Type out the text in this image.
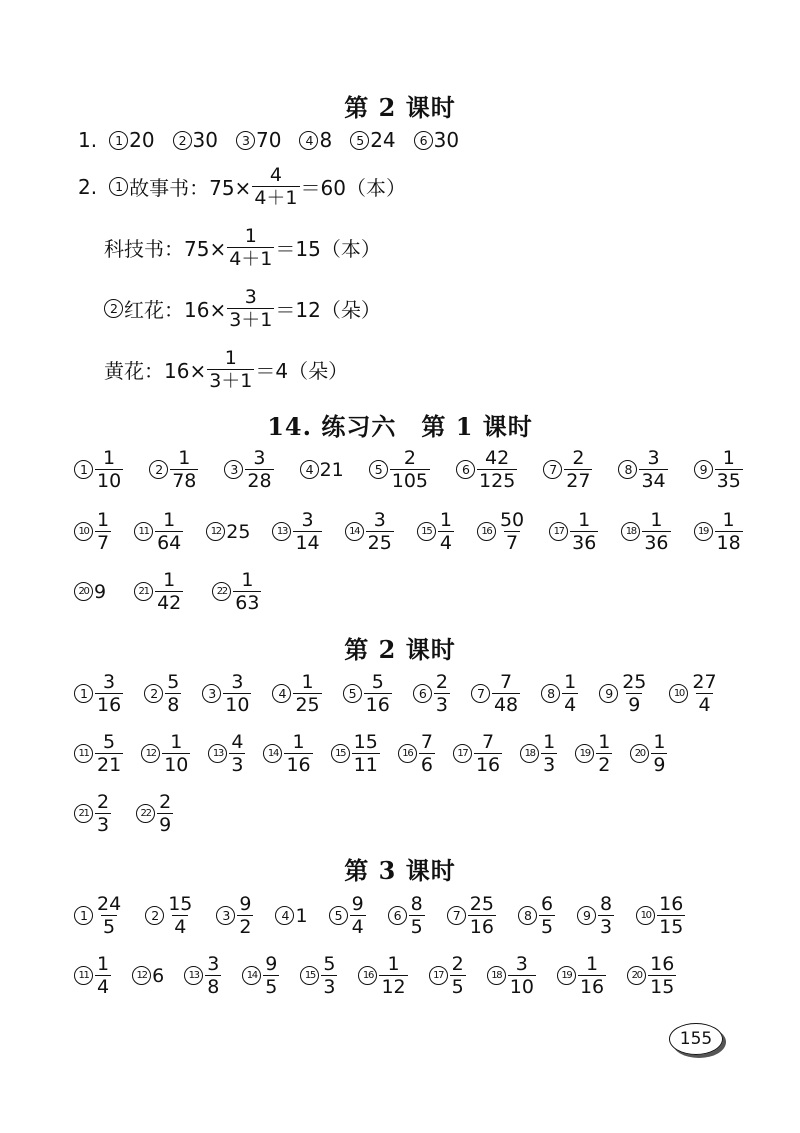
第 2 课时
1.	1 20	2 30	3 70	4 8	5 24	6 30
2.	1 故事书：$75\times \frac{4}{4+1} =60$（本）
科技书：$75\times \frac{1}{4+1} =15$（本）
2 红花：$16\times \frac{3}{3+1} =12$（朵）
黄花：$16\times \frac{1}{3+1} =4$（朵）
14. 练习六　第 1 课时
$1 \frac{1}{10}$	$2 \frac{1}{78}$	$3 \frac{3}{28}$	4 21	$5 \frac{2}{105}$	$6 \frac{42}{125}$	$7 \frac{2}{27}$	$8 \frac{3}{34}$	$9 \frac{1}{35}$
$10 \frac{1}{7}$	$11 \frac{1}{64}$	12 25	$13 \frac{3}{14}$	$14 \frac{3}{25}$	$15 \frac{1}{4}$	$16 \frac{50}{7}$	$17 \frac{1}{36}$	$18 \frac{1}{36}$	$19 \frac{1}{18}$
20 9	$21 \frac{1}{42}$	$22 \frac{1}{63}$
第 2 课时
$1 \frac{3}{16}$	$2 \frac{5}{8}$	$3 \frac{3}{10}$	$4 \frac{1}{25}$	$5 \frac{5}{16}$	$6 \frac{2}{3}$	$7 \frac{7}{48}$	$8 \frac{1}{4}$	$9 \frac{25}{9}$	$10 \frac{27}{4}$
$11 \frac{5}{21}$	$12 \frac{1}{10}$	$13 \frac{4}{3}$	$14 \frac{1}{16}$	$15 \frac{15}{11}$	$16 \frac{7}{6}$	$17 \frac{7}{16}$	$18 \frac{1}{3}$	$19 \frac{1}{2}$	$20 \frac{1}{9}$
$21 \frac{2}{3}$	$22 \frac{2}{9}$
第 3 课时
$1 \frac{24}{5}$	$2 \frac{15}{4}$	$3 \frac{9}{2}$	4 1	$5 \frac{9}{4}$	$6 \frac{8}{5}$	$7 \frac{25}{16}$	$8 \frac{6}{5}$	$9 \frac{8}{3}$	$10 \frac{16}{15}$
$11 \frac{1}{4}$	12 6	$13 \frac{3}{8}$	$14 \frac{9}{5}$	$15 \frac{5}{3}$	$16 \frac{1}{12}$	$17 \frac{2}{5}$	$18 \frac{3}{10}$	$19 \frac{1}{16}$	$20 \frac{16}{15}$
155
